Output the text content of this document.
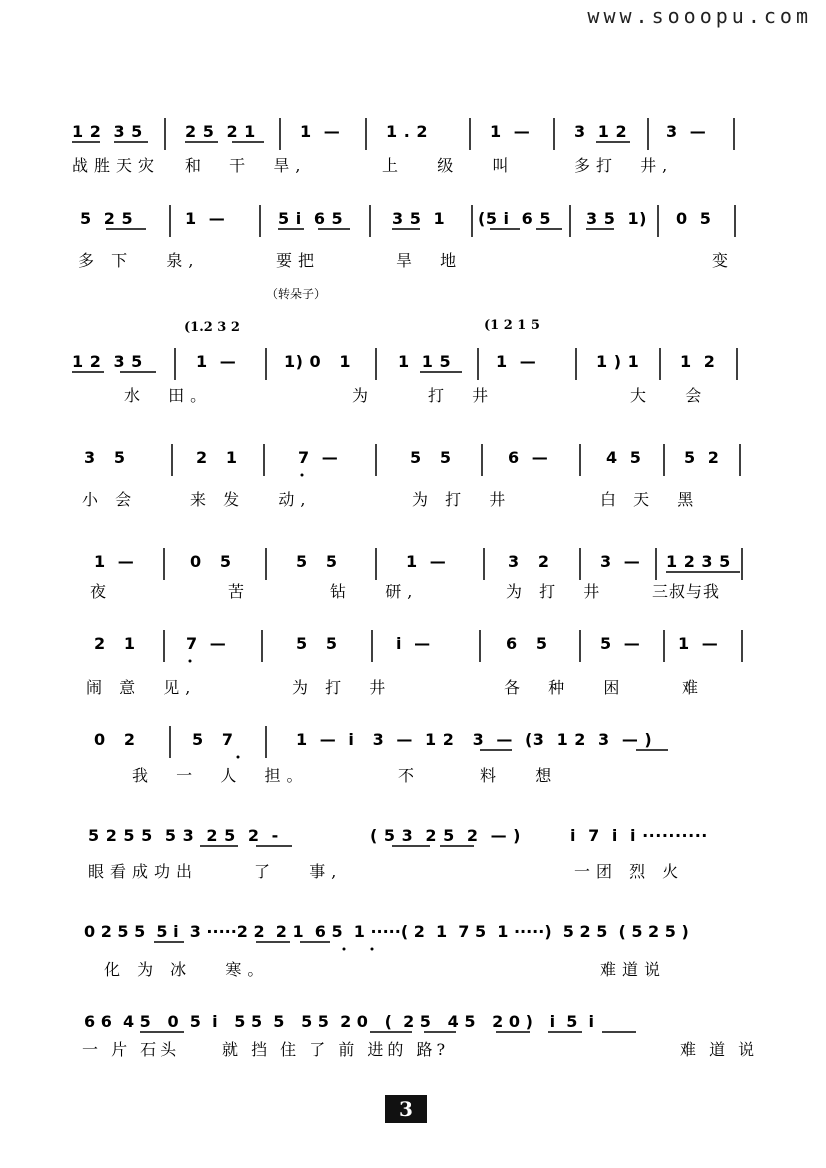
www.sooopu.com

1 2  3 5

	2 5  2 1

	1  —

	1 . 2

	1  —

	3  1 2

3  —

战胜天灾

和  干  旱,

	上   级   叫

	多打  井,

5  2 5

	1  —

	5 i  6 5

	3 5  1

(5 i  6 5

3 5  1)

0  5

多 下   泉,

	要把

	旱  地

	变

（转朵子）
(1.2 3 2	(1 2 1 5

1 2  3 5

	1  —

	1) 0   1

	1  1 5

	1  —

	1 ) 1

	1  2

水  田。

	为

	打  井

	大   会

3   5

	2   1

	7  —

	5   5

	6  —

	4  5

	5  2

小 会

	来 发   动,

	为 打  井

	白 天  黑

1  —

	0   5

	5   5

	1  —

	3   2

	3  —

1 2 3 5

夜

	苦

	钻   研,

	为 打  井

	三叔与我

2   1

	7  —

	5   5

	i  —

	6   5

	5  —

1  —

闹 意  见,

	为 打  井

	各  种   困

	难

0   2

	5   7

	1  —  i   3  —  1 2   3  —  (3  1 2  3  — )

我  一  人  担。

	不

	料   想

5 2 5 5  5 3  2 5  2  -

	( 5 3  2 5  2  — )

	i  7  i  i ··········

眼看成功出

	了   事,

	一团 烈 火

0 2 5 5  5 i  3 ·····2 2  2 1  6 5  1 ·····( 2  1  7 5  1 ·····)  5 2 5  ( 5 2 5 )

化 为 冰   寒。

	难道说

6 6  4 5   0  5  i   5 5  5   5 5  2 0   (  2 5   4 5   2 0 )   i  5  i

一 片 石头

	就 挡 住 了 前 进的 路?

	难 道 说

3
